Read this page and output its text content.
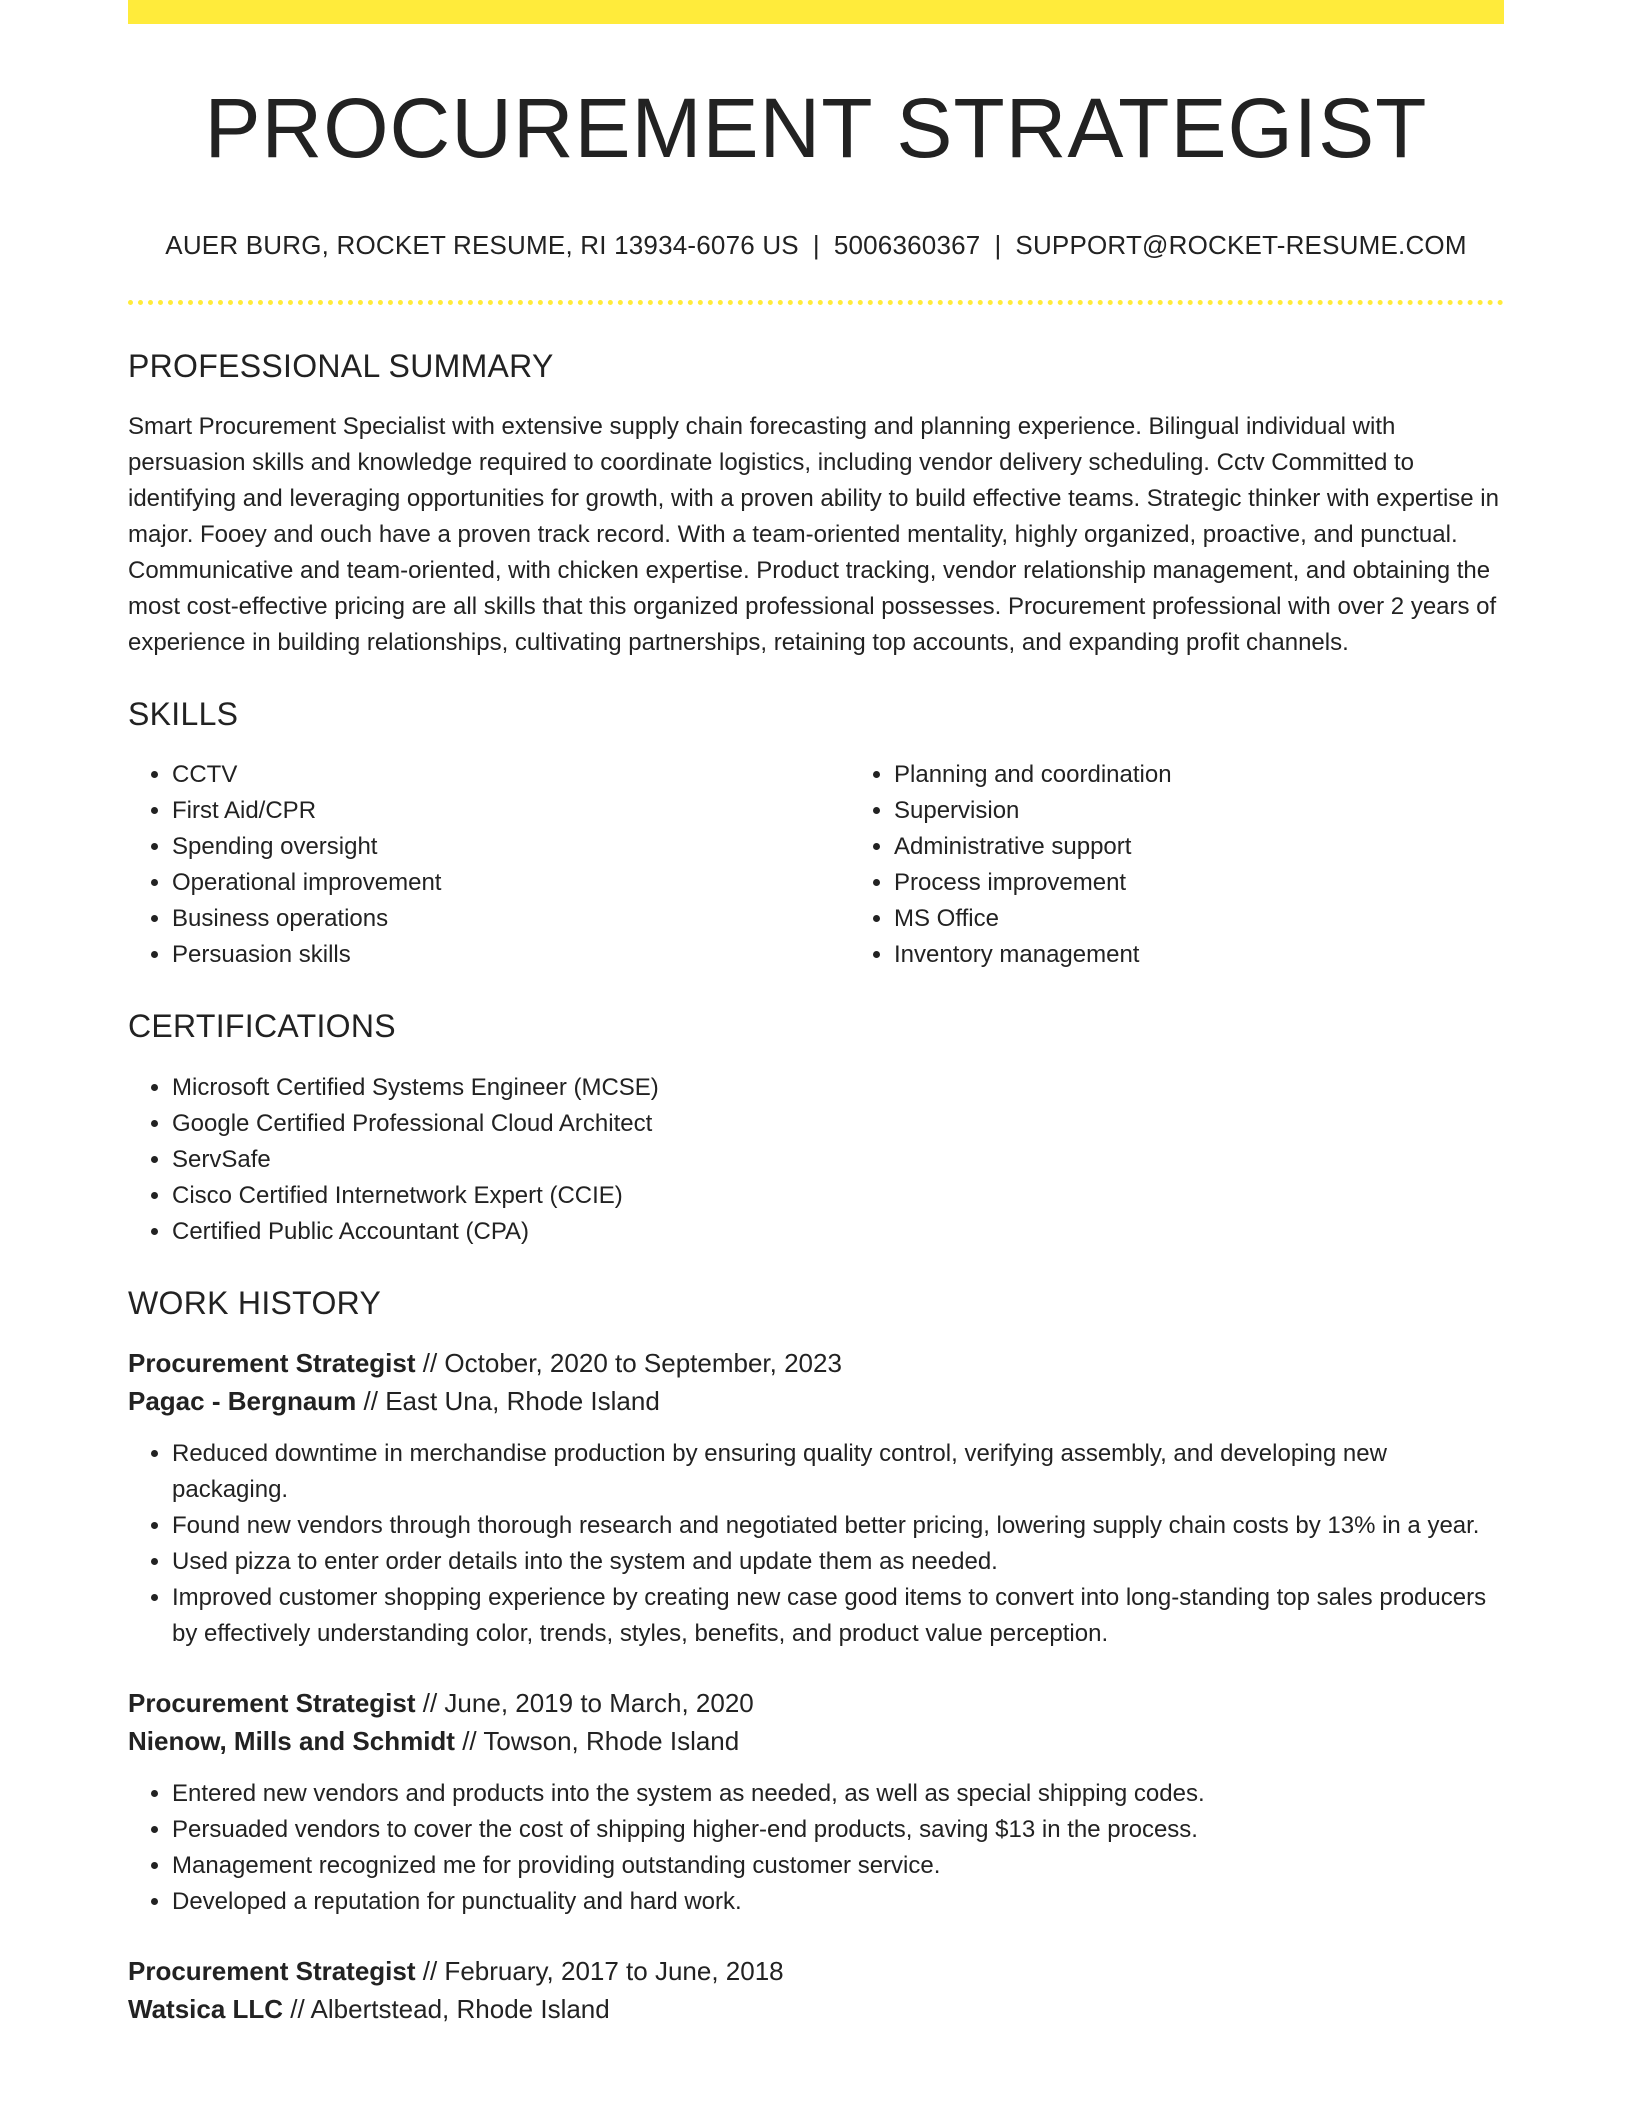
PROCUREMENT STRATEGIST
AUER BURG, ROCKET RESUME, RI 13934-6076 US | 5006360367 | SUPPORT@ROCKET-RESUME.COM
PROFESSIONAL SUMMARY
Smart Procurement Specialist with extensive supply chain forecasting and planning experience. Bilingual individual with persuasion skills and knowledge required to coordinate logistics, including vendor delivery scheduling. Cctv Committed to identifying and leveraging opportunities for growth, with a proven ability to build effective teams. Strategic thinker with expertise in major. Fooey and ouch have a proven track record. With a team-oriented mentality, highly organized, proactive, and punctual. Communicative and team-oriented, with chicken expertise. Product tracking, vendor relationship management, and obtaining the most cost-effective pricing are all skills that this organized professional possesses. Procurement professional with over 2 years of experience in building relationships, cultivating partnerships, retaining top accounts, and expanding profit channels.
SKILLS
• CCTV
• First Aid/CPR
• Spending oversight
• Operational improvement
• Business operations
• Persuasion skills
• Planning and coordination
• Supervision
• Administrative support
• Process improvement
• MS Office
• Inventory management
CERTIFICATIONS
• Microsoft Certified Systems Engineer (MCSE)
• Google Certified Professional Cloud Architect
• ServSafe
• Cisco Certified Internetwork Expert (CCIE)
• Certified Public Accountant (CPA)
WORK HISTORY
Procurement Strategist // October, 2020 to September, 2023
Pagac - Bergnaum // East Una, Rhode Island
• Reduced downtime in merchandise production by ensuring quality control, verifying assembly, and developing new packaging.
• Found new vendors through thorough research and negotiated better pricing, lowering supply chain costs by 13% in a year.
• Used pizza to enter order details into the system and update them as needed.
• Improved customer shopping experience by creating new case good items to convert into long-standing top sales producers by effectively understanding color, trends, styles, benefits, and product value perception.
Procurement Strategist // June, 2019 to March, 2020
Nienow, Mills and Schmidt // Towson, Rhode Island
• Entered new vendors and products into the system as needed, as well as special shipping codes.
• Persuaded vendors to cover the cost of shipping higher-end products, saving $13 in the process.
• Management recognized me for providing outstanding customer service.
• Developed a reputation for punctuality and hard work.
Procurement Strategist // February, 2017 to June, 2018
Watsica LLC // Albertstead, Rhode Island
